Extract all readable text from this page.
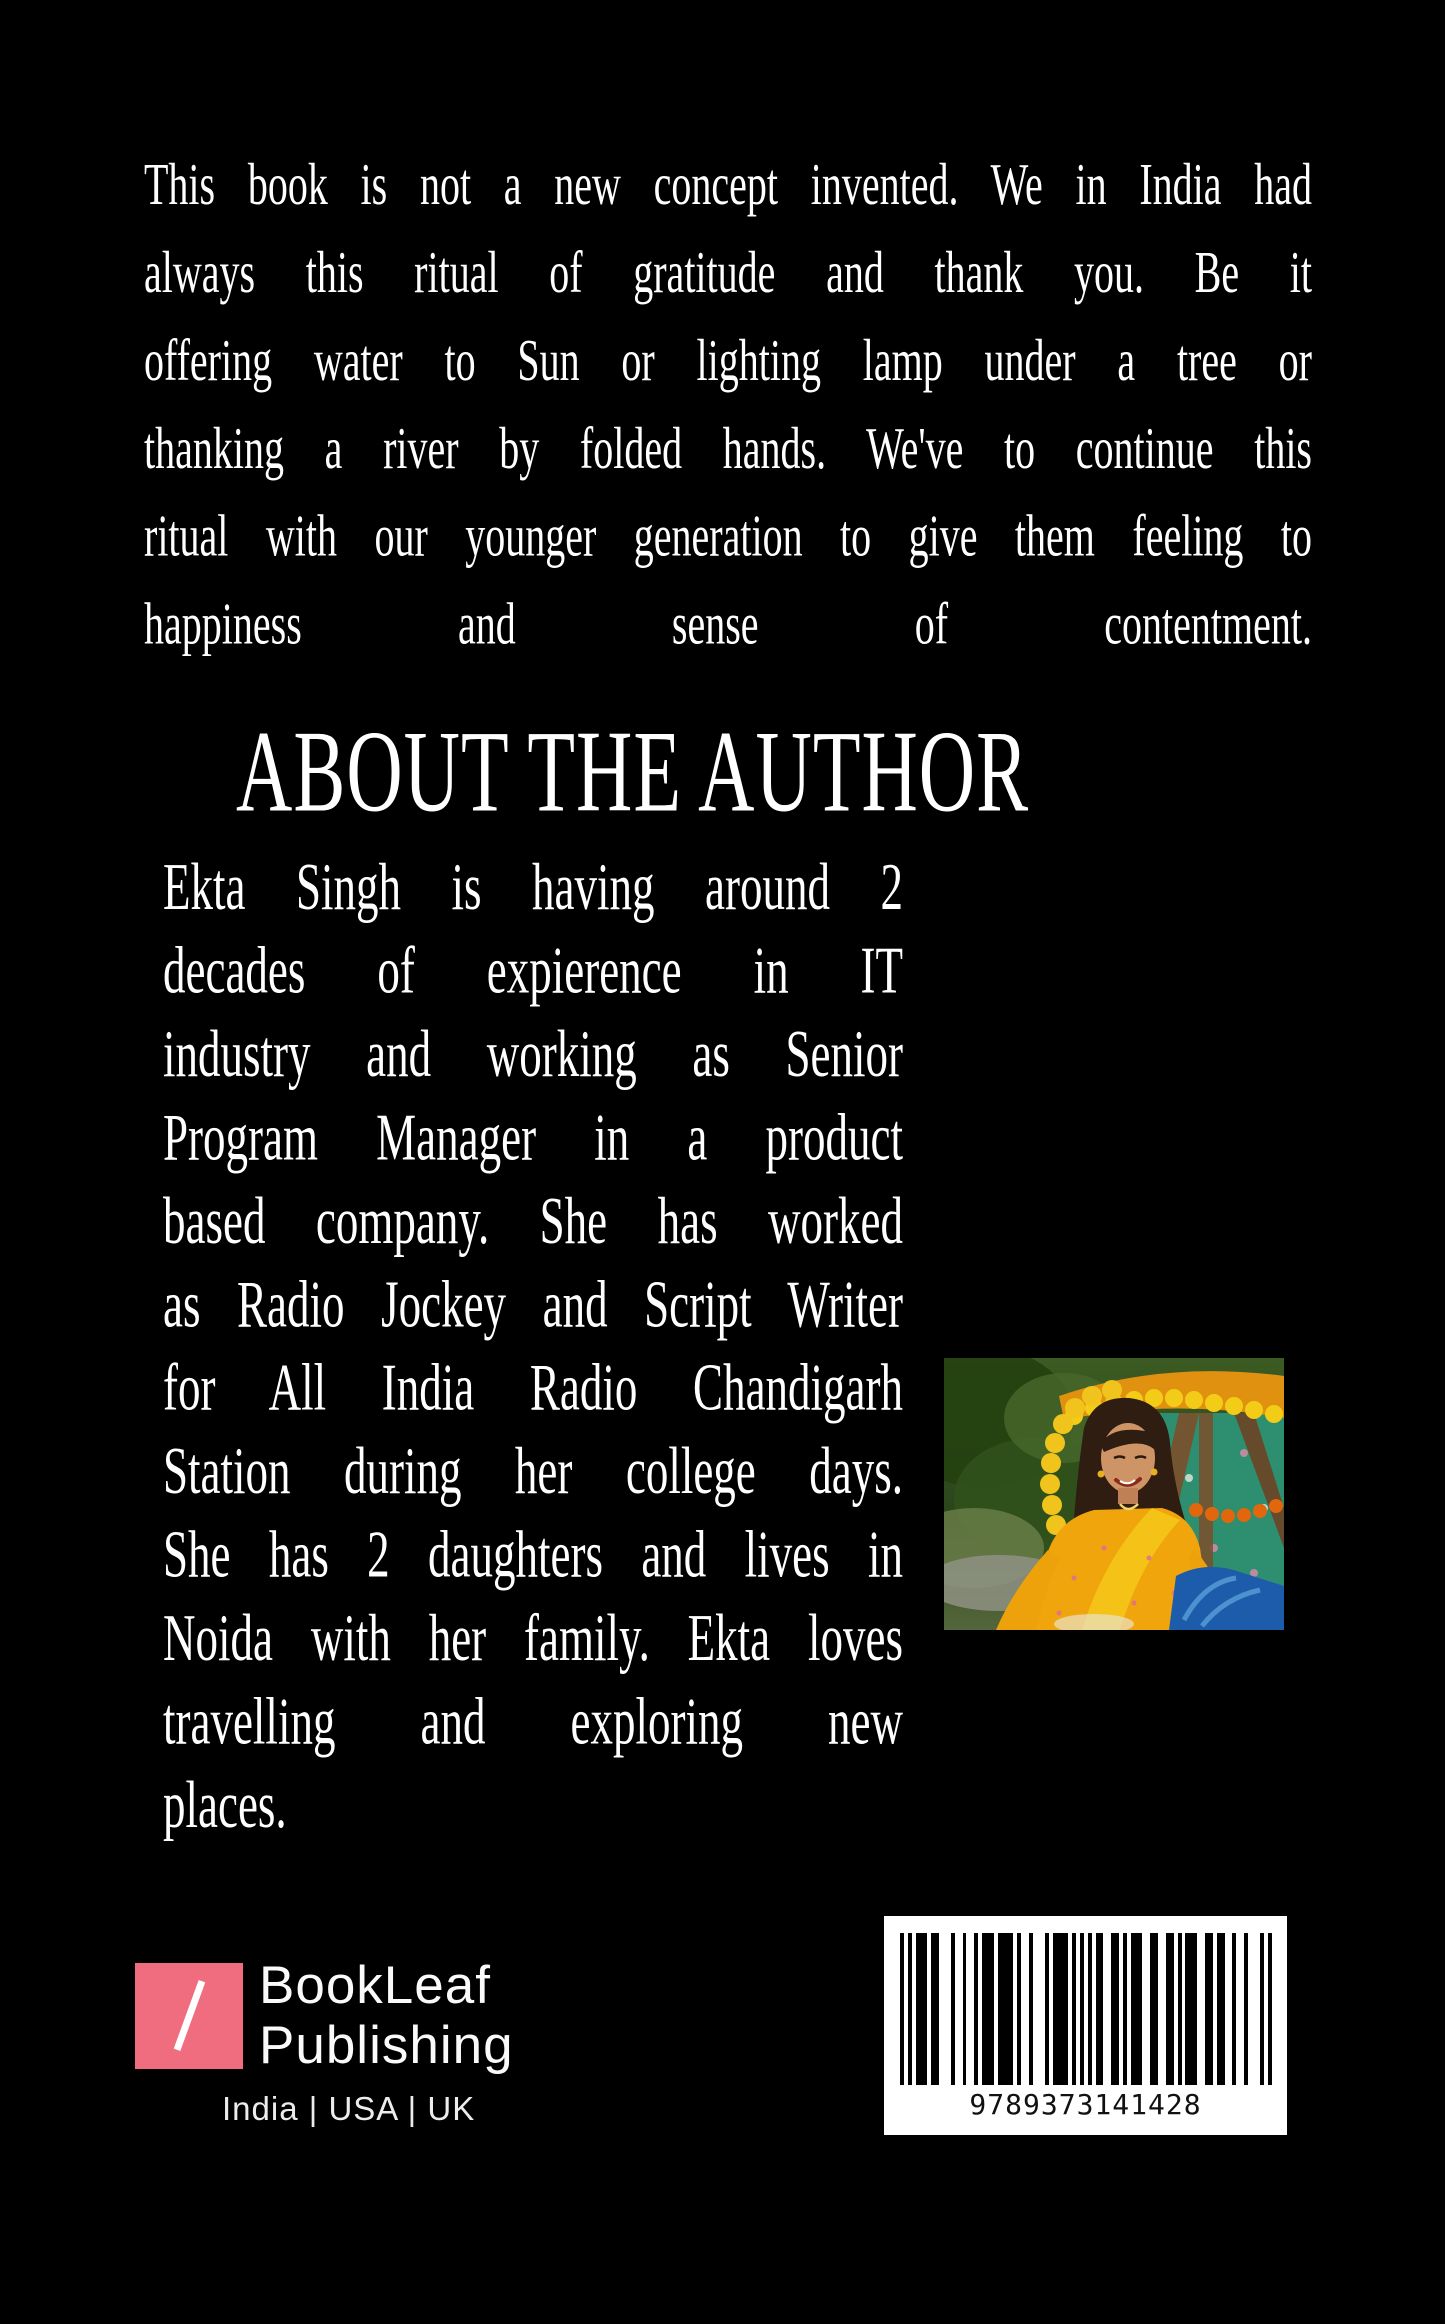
This book is not a new concept invented. We in India had
always this ritual of gratitude and thank you. Be it
offering water to Sun or lighting lamp under a tree or
thanking a river by folded hands. We've to continue this
ritual with our younger generation to give them feeling to
happiness and sense of contentment.
ABOUT THE AUTHOR
Ekta Singh is having around 2
decades of expierence in IT
industry and working as Senior
Program Manager in a product
based company. She has worked
as Radio Jockey and Script Writer
for All India Radio Chandigarh
Station during her college days.
She has 2 daughters and lives in
Noida with her family. Ekta loves
travelling and exploring new
places.
BookLeaf
Publishing
India | USA | UK	9789373141428
